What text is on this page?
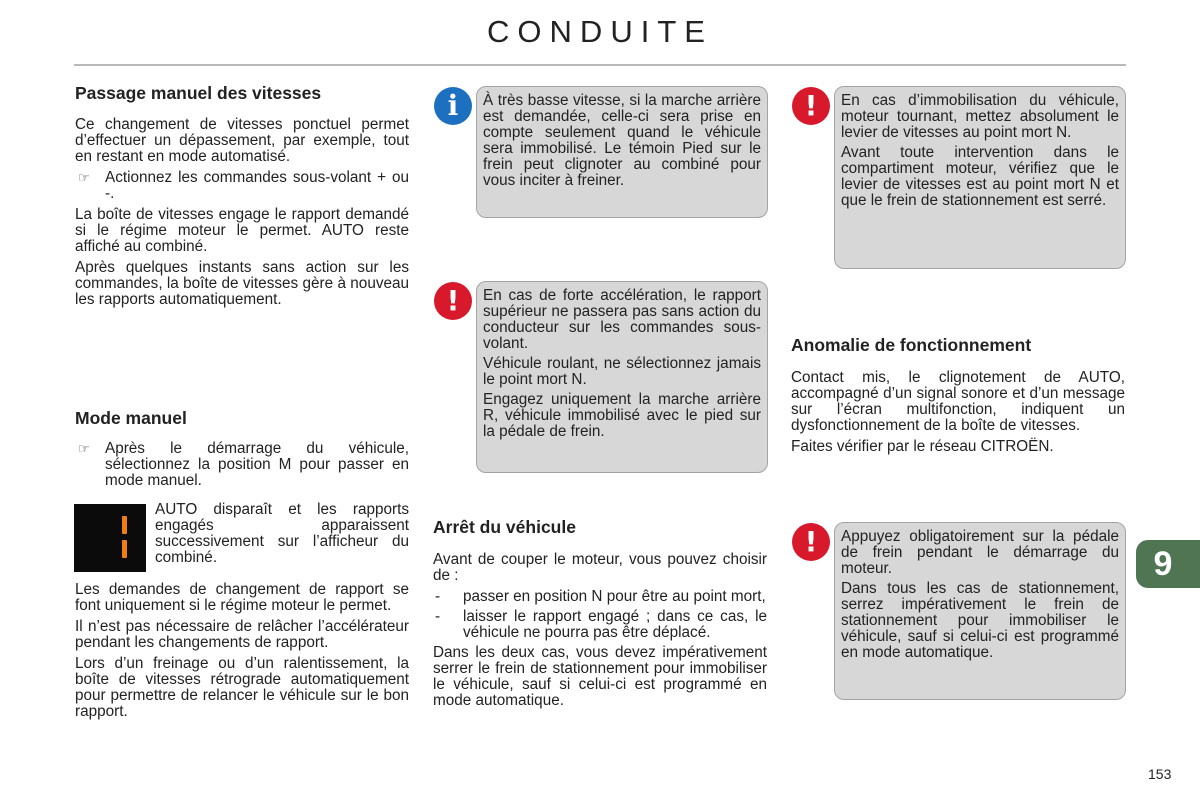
CONDUITE
Passage manuel des vitesses

Ce changement de vitesses ponctuel permet d’effectuer un dépassement, par exemple, tout en restant en mode automatisé.

☞ Actionnez les commandes sous-volant + ou -.

La boîte de vitesses engage le rapport demandé si le régime moteur le permet. AUTO reste affiché au combiné.

Après quelques instants sans action sur les commandes, la boîte de vitesses gère à nouveau les rapports automatiquement.

Mode manuel
☞ Après le démarrage du véhicule, sélectionnez la position M pour passer en mode manuel.
AUTO disparaît et les rapports engagés apparaissent successivement sur l’afficheur du combiné.

Les demandes de changement de rapport se font uniquement si le régime moteur le permet.

Il n’est pas nécessaire de relâcher l’accélérateur pendant les changements de rapport.

Lors d’un freinage ou d’un ralentissement, la boîte de vitesses rétrograde automatiquement pour permettre de relancer le véhicule sur le bon rapport.

i	À très basse vitesse, si la marche arrière est demandée, celle-ci sera prise en compte seulement quand le véhicule sera immobilisé. Le témoin Pied sur le frein peut clignoter au combiné pour vous inciter à freiner.

!	En cas de forte accélération, le rapport supérieur ne passera pas sans action du conducteur sur les commandes sous-volant.

Véhicule roulant, ne sélectionnez jamais le point mort N.

Engagez uniquement la marche arrière R, véhicule immobilisé avec le pied sur la pédale de frein.

Arrêt du véhicule

Avant de couper le moteur, vous pouvez choisir de :

- passer en position N pour être au point mort,
- laisser le rapport engagé ; dans ce cas, le véhicule ne pourra pas être déplacé.

Dans les deux cas, vous devez impérativement serrer le frein de stationnement pour immobiliser le véhicule, sauf si celui-ci est programmé en mode automatique.

!	En cas d’immobilisation du véhicule, moteur tournant, mettez absolument le levier de vitesses au point mort N.

Avant toute intervention dans le compartiment moteur, vérifiez que le levier de vitesses est au point mort N et que le frein de stationnement est serré.

Anomalie de fonctionnement

Contact mis, le clignotement de AUTO, accompagné d’un signal sonore et d’un message sur l’écran multifonction, indiquent un dysfonctionnement de la boîte de vitesses.

Faites vérifier par le réseau CITROËN.

!	Appuyez obligatoirement sur la pédale de frein pendant le démarrage du moteur.

Dans tous les cas de stationnement, serrez impérativement le frein de stationnement pour immobiliser le véhicule, sauf si celui-ci est programmé en mode automatique.

9
153
